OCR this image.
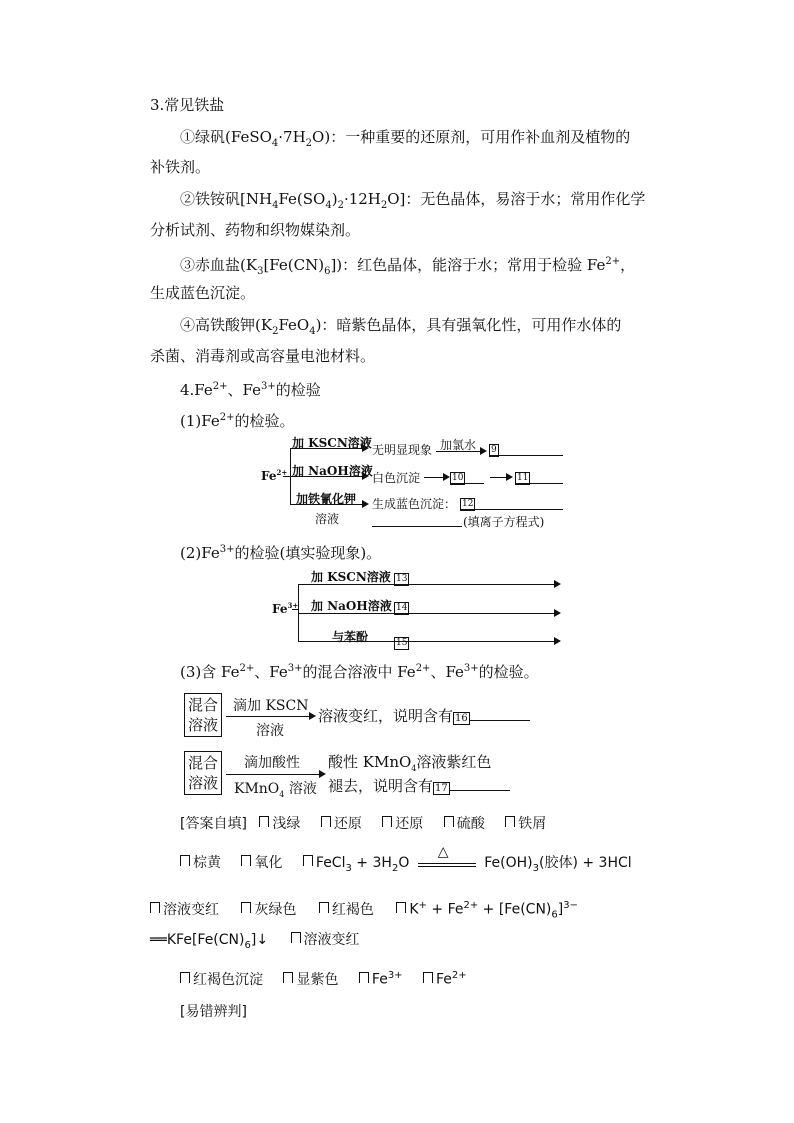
3.常见铁盐
①绿矾$(FeSO_4\cdot 7H_2O)$：一种重要的还原剂，可用作补血剂及植物的
补铁剂。
②铁铵矾$[NH_4Fe(SO_4)_2\cdot 12H_2O]$：无色晶体，易溶于水；常用作化学
分析试剂、药物和织物媒染剂。
③赤血盐$(K_3[Fe(CN)_6])$：红色晶体，能溶于水；常用于检验 $Fe^{2+}$，
生成蓝色沉淀。
④高铁酸钾$(K_2FeO_4)$：暗紫色晶体，具有强氧化性，可用作水体的
杀菌、消毒剂或高容量电池材料。
$4.Fe^{2+}$、$Fe^{3+}$的检验
$(1)Fe^{2+}$的检验。
$Fe^{2+}$
加 KSCN溶液 无明显现象 加氯水 9
加 NaOH溶液 白色沉淀	10	11
加铁氰化钾
溶液
生成蓝色沉淀： 12
(填离子方程式)
$(2)Fe^{3+}$的检验(填实验现象)。
$Fe^{3+}$
加 KSCN溶液 13
加 NaOH溶液 14
与苯酚	15
(3)含 $Fe^{2+}$、$Fe^{3+}$的混合溶液中 $Fe^{2+}$、$Fe^{3+}$的检验。
混合
溶液
滴加 KSCN
溶液
溶液变红，说明含有 16
混合
溶液
滴加酸性
KMnO$_4$ 溶液
酸性 KMnO$_4$溶液紫红色
褪去，说明含有 17
[答案自填] 浅绿 还原 还原 硫酸 铁屑
棕黄 氧化 FeCl$_3$ + $3H_2O$
△
$Fe(OH)_3$(胶体) + 3HCl
溶液变红	灰绿色	红褐色	$K^+ + Fe^{2+} + [Fe(CN)_6]^{3-}$
$══KFe[Fe(CN)_6]↓$	溶液变红
红褐色沉淀 显紫色 $Fe^{3+}$ $Fe^{2+}$
[易错辨判]
